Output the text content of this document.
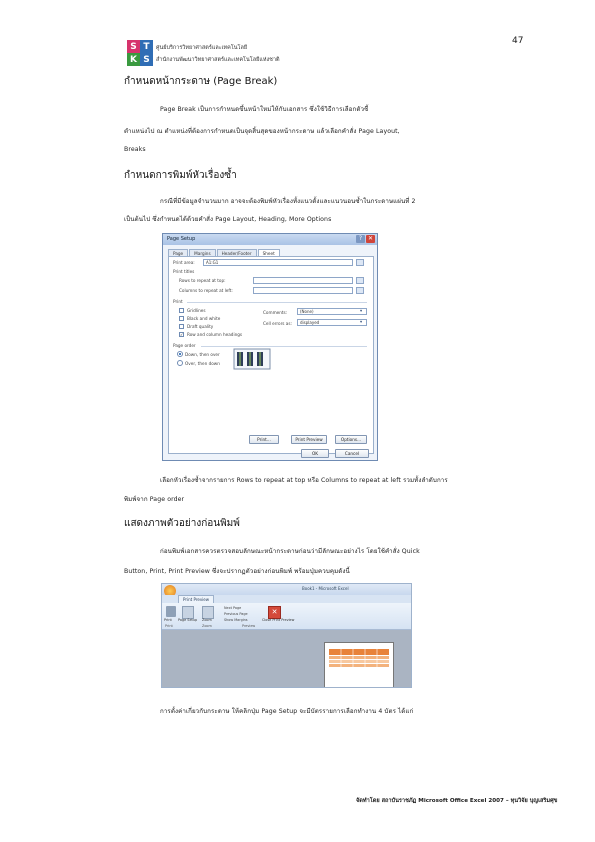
47
S T
K S
ศูนย์บริการวิทยาศาสตร์และเทคโนโลยี
สำนักงานพัฒนาวิทยาศาสตร์และเทคโนโลยีแห่งชาติ
กำหนดหน้ากระดาษ (Page Break)
Page Break เป็นการกำหนดขึ้นหน้าใหม่ให้กับเอกสาร ซึ่งใช้วิธีการเลือกตัวชี้
ตำแหน่งไป ณ ตำแหน่งที่ต้องการกำหนดเป็นจุดสิ้นสุดของหน้ากระดาษ แล้วเลือกคำสั่ง Page Layout,
Breaks
กำหนดการพิมพ์หัวเรื่องซ้ำ
กรณีที่มีข้อมูลจำนวนมาก อาจจะต้องพิมพ์หัวเรื่องทั้งแนวตั้งและแนวนอนซ้ำในกระดาษแผ่นที่ 2
เป็นต้นไป ซึ่งกำหนดได้ด้วยคำสั่ง Page Layout, Heading, More Options
Page Setup	? ✕
Page	Margins	Header/Footer	Sheet
Print area:	A1:G1
Print titles
Rows to repeat at top:
Columns to repeat at left:
Print
Gridlines
Black and white
Draft quality
✓ Row and column headings
Comments:	(None)	▾
Cell errors as:	displayed	▾
Page order
Down, then over
Over, then down
Print...	Print Preview	Options...
OK	Cancel
เลือกหัวเรื่องซ้ำจากรายการ Rows to repeat at top หรือ Columns to repeat at left รวมทั้งลำดับการ
พิมพ์จาก Page order
แสดงภาพตัวอย่างก่อนพิมพ์
ก่อนพิมพ์เอกสารควรตรวจสอบลักษณะหน้ากระดาษก่อนว่ามีลักษณะอย่างไร โดยใช้คำสั่ง Quick
Button, Print, Print Preview ซึ่งจะปรากฏตัวอย่างก่อนพิมพ์ พร้อมปุ่มควบคุมดังนี้
Book1 - Microsoft Excel
Print Preview
Print Page Setup Zoom
Next Page
Previous Page
Show Margins
✕
Close Print Preview
Print	Zoom	Preview
การตั้งค่าเกี่ยวกับกระดาษ ให้คลิกปุ่ม Page Setup จะมีบัตรรายการเลือกทำงาน 4 บัตร ได้แก่
จัดทำโดย สถาบันราชภัฏ Microsoft Office Excel 2007 – ทุนวิจัย บุญเสริมศุข
